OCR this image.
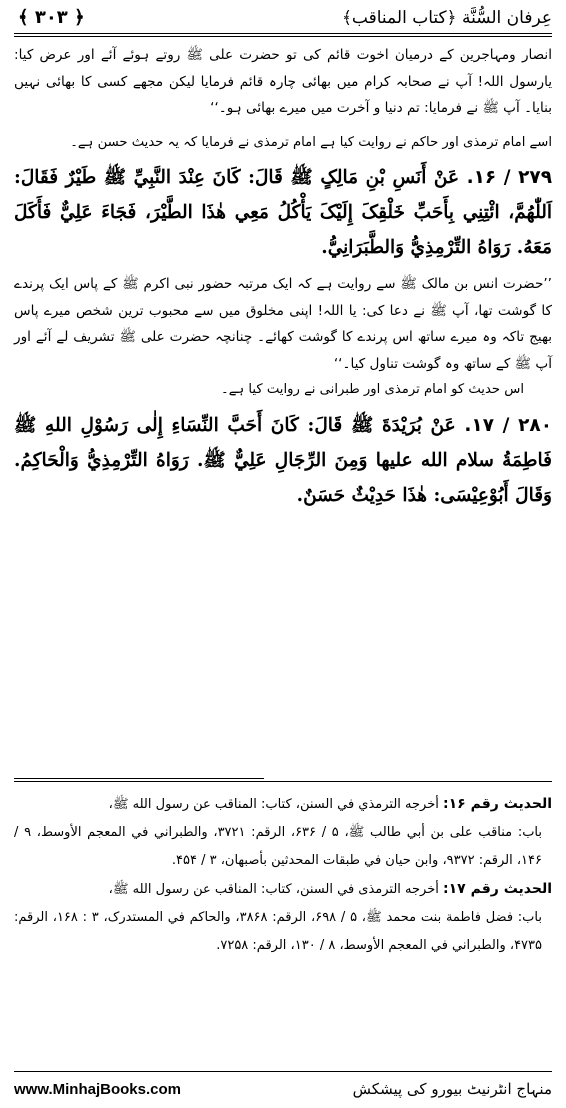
﴿ ۳۰۳ ﴾	عِرفان السُّنَّة ﴿کتاب المناقب﴾

انصار ومہاجرین کے درمیان اخوت قائم کی تو حضرت علی ﷺ روتے ہوئے آئے اور عرض کیا: یارسول اللہ! آپ نے صحابہ کرام میں بھائی چارہ قائم فرمایا لیکن مجھے کسی کا بھائی نہیں بنایا۔ آپ ﷺ نے فرمایا: تم دنیا و آخرت میں میرے بھائی ہو۔‘‘

اسے امام ترمذی اور حاکم نے روایت کیا ہے امام ترمذی نے فرمایا کہ یہ حدیث حسن ہے۔

۲۷۹ / ۱۶. عَنْ أَنَسِ بْنِ مَالِکٍ ﷺ قَالَ: کَانَ عِنْدَ النَّبِيِّ ﷺ طَيْرٌ فَقَالَ: اَللّٰهُمَّ، ائْتِنِي بِأَحَبِّ خَلْقِکَ إِلَيْکَ يَأْکُلُ مَعِي هٰذَا الطَّيْرَ، فَجَاءَ عَلِيٌّ فَأَکَلَ مَعَهُ. رَوَاهُ التِّرْمِذِيُّ وَالطَّبَرَانِيُّ.

’’حضرت انس بن مالک ﷺ سے روایت ہے کہ ایک مرتبہ حضور نبی اکرم ﷺ کے پاس ایک پرندے کا گوشت تھا، آپ ﷺ نے دعا کی: یا اللہ! اپنی مخلوق میں سے محبوب ترین شخص میرے پاس بھیج تاکہ وہ میرے ساتھ اس پرندے کا گوشت کھائے۔ چنانچہ حضرت علی ﷺ تشریف لے آئے اور آپ ﷺ کے ساتھ وہ گوشت تناول کیا۔‘‘

اس حدیث کو امام ترمذی اور طبرانی نے روایت کیا ہے۔

۲۸۰ / ۱۷. عَنْ بُرَيْدَةَ ﷺ قَالَ: کَانَ أَحَبَّ النِّسَاءِ إِلٰی رَسُوْلِ اللهِ ﷺ فَاطِمَةُ سلام الله عليها وَمِنَ الرِّجَالِ عَلِيٌّ ﷺ. رَوَاهُ التِّرْمِذِيُّ وَالْحَاکِمُ. وَقَالَ أَبُوْعِيْسَی: هٰذَا حَدِيْثٌ حَسَنٌ.

الحديث رقم ۱۶: أخرجه الترمذي في السنن، کتاب: المناقب عن رسول الله ﷺ،
باب: مناقب علی بن أبي طالب ﷺ، ۵ / ۶۳۶، الرقم: ۳۷۲۱، والطبراني في المعجم الأوسط، ۹ / ۱۴۶، الرقم: ۹۳۷۲، وابن حيان في طبقات المحدثين بأصبهان، ۳ / ۴۵۴.

الحديث رقم ۱۷: أخرجه الترمذی في السنن، کتاب: المناقب عن رسول الله ﷺ،
باب: فضل فاطمة بنت محمد ﷺ، ۵ / ۶۹۸، الرقم: ۳۸۶۸، والحاکم في المستدرک، ۳ : ۱۶۸، الرقم: ۴۷۳۵، والطبراني في المعجم الأوسط، ۸ / ۱۳۰، الرقم: ۷۲۵۸.

www.MinhajBooks.com	منہاج انٹرنیٹ بیورو کی پیشکش
